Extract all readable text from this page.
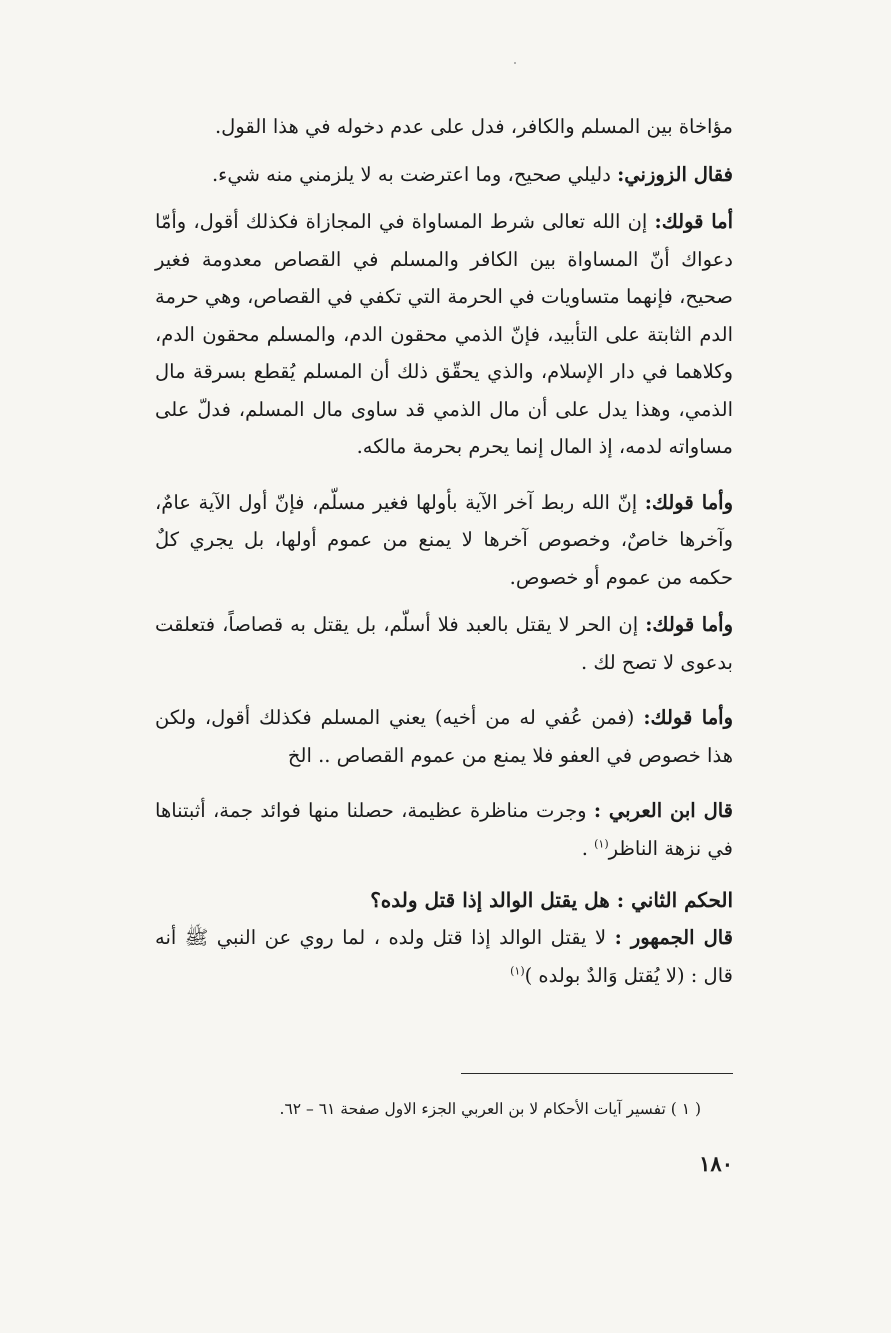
مؤاخاة بين المسلم والكافر، فدل على عدم دخوله في هذا القول.

فقال الزوزني: دليلي صحيح، وما اعترضت به لا يلزمني منه شيء.

أما قولك: إن الله تعالى شرط المساواة في المجازاة فكذلك أقول، وأمّا دعواك أنّ المساواة بين الكافر والمسلم في القصاص معدومة فغير صحيح، فإنهما متساويات في الحرمة التي تكفي في القصاص، وهي حرمة الدم الثابتة على التأبيد، فإنّ الذمي محقون الدم، والمسلم محقون الدم، وكلاهما في دار الإسلام، والذي يحقّق ذلك أن المسلم يُقطع بسرقة مال الذمي، وهذا يدل على أن مال الذمي قد ساوى مال المسلم، فدلّ على مساواته لدمه، إذ المال إنما يحرم بحرمة مالكه.

وأما قولك: إنّ الله ربط آخر الآية بأولها فغير مسلّم، فإنّ أول الآية عامٌ، وآخرها خاصٌ، وخصوص آخرها لا يمنع من عموم أولها، بل يجري كلٌ حكمه من عموم أو خصوص.

وأما قولك: إن الحر لا يقتل بالعبد فلا أسلّم، بل يقتل به قصاصاً، فتعلقت بدعوى لا تصح لك .

وأما قولك: (فمن عُفي له من أخيه) يعني المسلم فكذلك أقول، ولكن هذا خصوص في العفو فلا يمنع من عموم القصاص .. الخ

قال ابن العربي : وجرت مناظرة عظيمة، حصلنا منها فوائد جمة، أثبتناها في نزهة الناظر$^{(١)}$ .

الحكم الثاني : هل يقتل الوالد إذا قتل ولده؟

قال الجمهور : لا يقتل الوالد إذا قتل ولده ، لما روي عن النبي ﷺ أنه قال : (لا يُقتل وَالدٌ بولده )$^{(١)}$

( ١ ) تفسير آيات الأحكام لا بن العربي الجزء الاول صفحة ٦١ – ٦٢.
١٨٠
